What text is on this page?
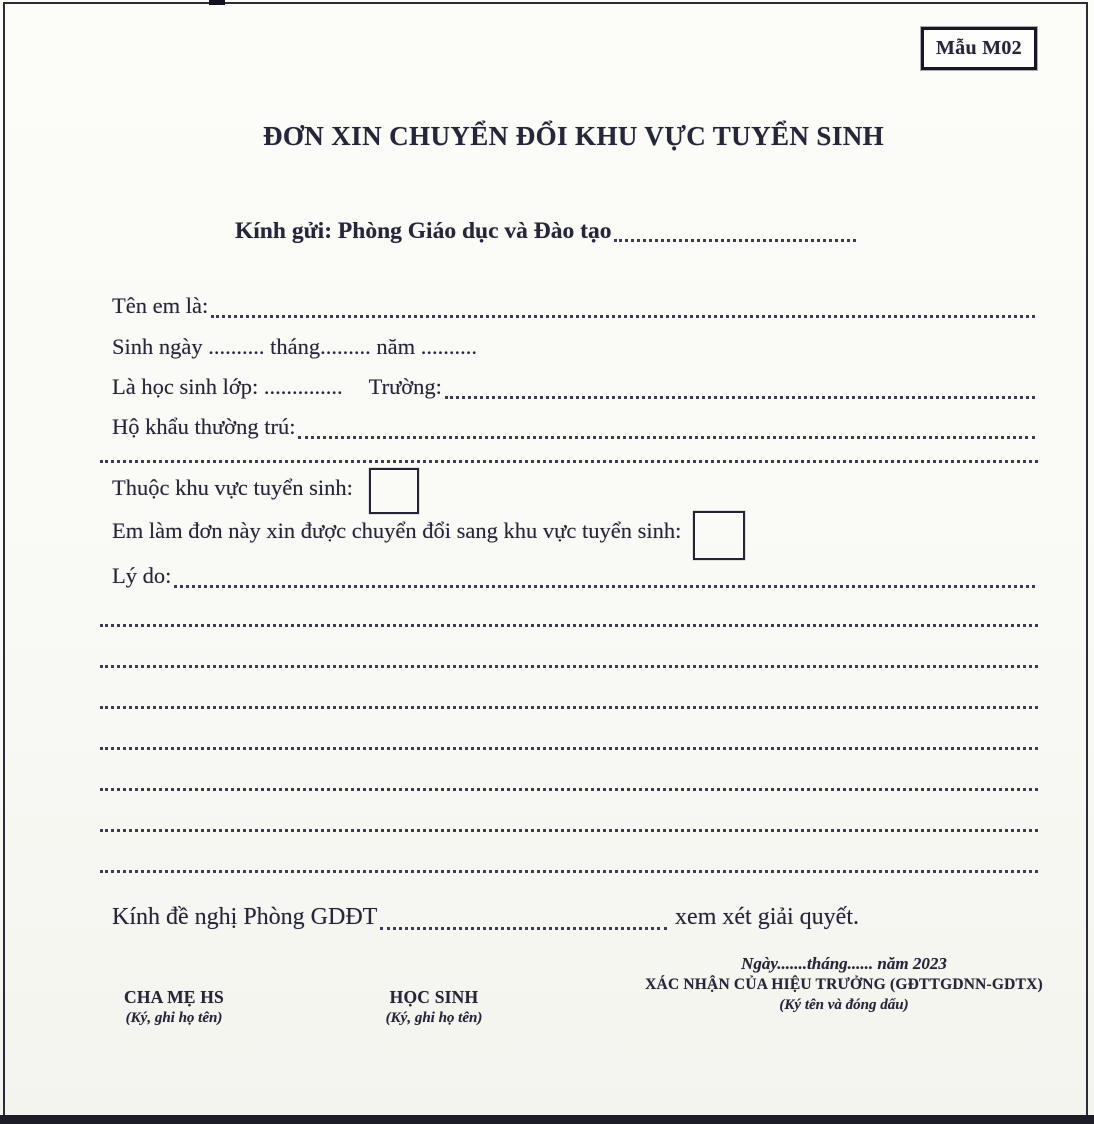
Mẫu M02
ĐƠN XIN CHUYỂN ĐỔI KHU VỰC TUYỂN SINH
Kính gửi: Phòng Giáo dục và Đào tạo
Tên em là:
Sinh ngày .......... tháng......... năm ..........
Là học sinh lớp: .............. Trường:
Hộ khẩu thường trú:
Thuộc khu vực tuyển sinh:
Em làm đơn này xin được chuyển đổi sang khu vực tuyển sinh:
Lý do:
Kính đề nghị Phòng GDĐT	xem xét giải quyết.
CHA MẸ HS
(Ký, ghi họ tên)
HỌC SINH
(Ký, ghi họ tên)
Ngày.......tháng...... năm 2023
XÁC NHẬN CỦA HIỆU TRƯỞNG (GĐTTGDNN-GDTX)
(Ký tên và đóng dấu)
